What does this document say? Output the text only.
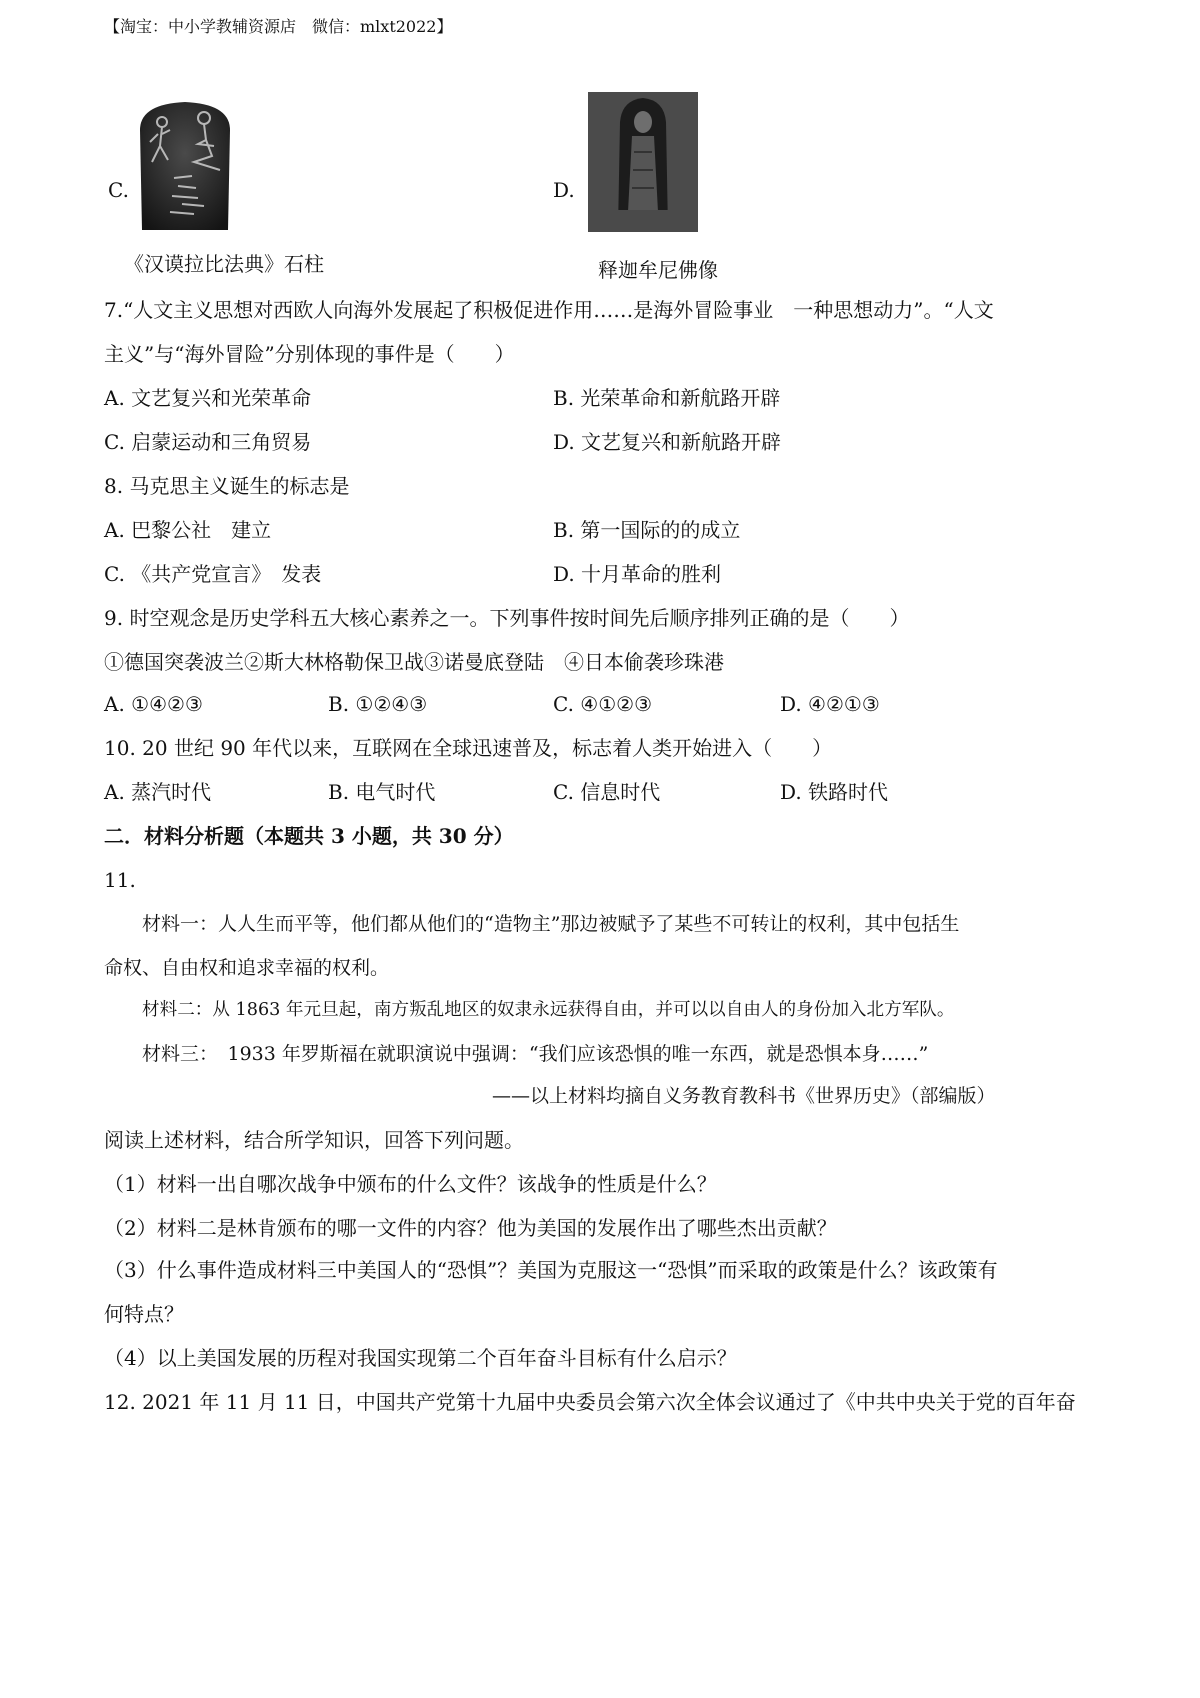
【淘宝：中小学教辅资源店　微信：mlxt2022】
C.
《汉谟拉比法典》石柱
D.
释迦牟尼佛像
7.“人文主义思想对西欧人向海外发展起了积极促进作用……是海外冒险事业　一种思想动力”。“人文
主义”与“海外冒险”分别体现的事件是（　　）
A. 文艺复兴和光荣革命	B. 光荣革命和新航路开辟
C. 启蒙运动和三角贸易	D. 文艺复兴和新航路开辟
8. 马克思主义诞生的标志是
A. 巴黎公社　建立	B. 第一国际的的成立
C. 《共产党宣言》　发表	D. 十月革命的胜利
9. 时空观念是历史学科五大核心素养之一。下列事件按时间先后顺序排列正确的是（　　）
①德国突袭波兰②斯大林格勒保卫战③诺曼底登陆　④日本偷袭珍珠港
A. ①④②③	B. ①②④③	C. ④①②③	D. ④②①③
10. 20 世纪 90 年代以来，互联网在全球迅速普及，标志着人类开始进入（　　）
A. 蒸汽时代	B. 电气时代	C. 信息时代	D. 铁路时代
二．材料分析题（本题共 3 小题，共 30 分）
11.
材料一：人人生而平等，他们都从他们的“造物主”那边被赋予了某些不可转让的权利，其中包括生
命权、自由权和追求幸福的权利。
材料二：从 1863 年元旦起，南方叛乱地区的奴隶永远获得自由，并可以以自由人的身份加入北方军队。
材料三：　1933 年罗斯福在就职演说中强调：“我们应该恐惧的唯一东西，就是恐惧本身……”
——以上材料均摘自义务教育教科书《世界历史》（部编版）
阅读上述材料，结合所学知识，回答下列问题。
（1）材料一出自哪次战争中颁布的什么文件？该战争的性质是什么？
（2）材料二是林肯颁布的哪一文件的内容？他为美国的发展作出了哪些杰出贡献？
（3）什么事件造成材料三中美国人的“恐惧”？美国为克服这一“恐惧”而采取的政策是什么？该政策有
何特点？
（4）以上美国发展的历程对我国实现第二个百年奋斗目标有什么启示？
12. 2021 年 11 月 11 日，中国共产党第十九届中央委员会第六次全体会议通过了《中共中央关于党的百年奋
